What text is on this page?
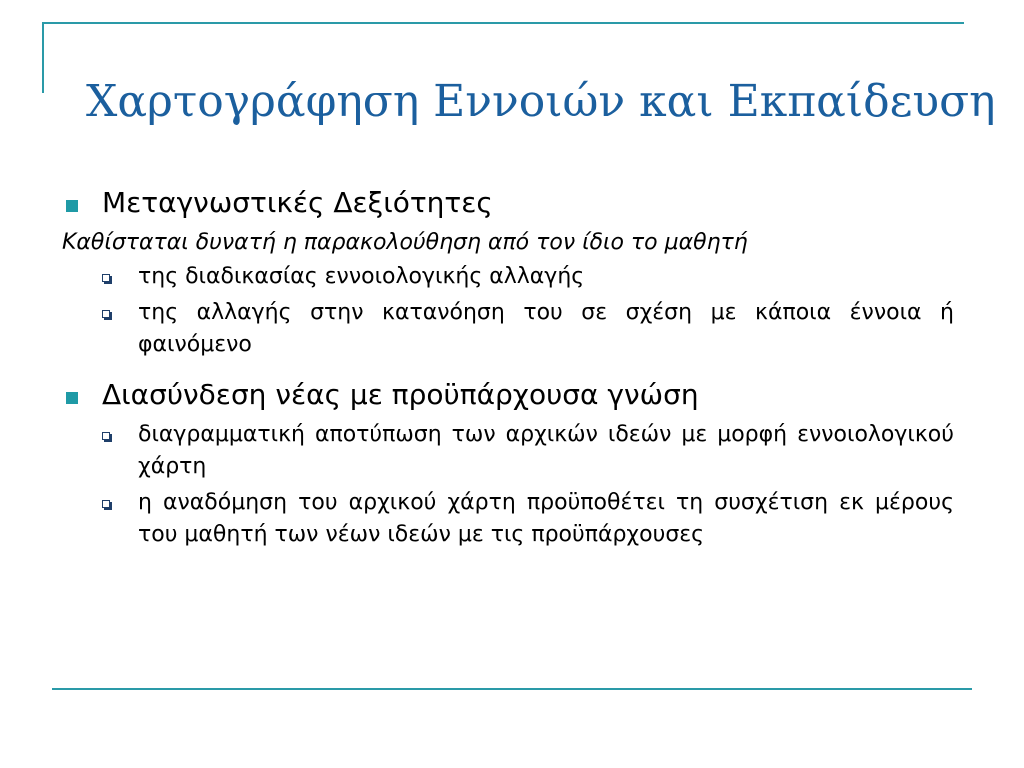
Χαρτογράφηση Εννοιών και Εκπαίδευση

Μεταγνωστικές Δεξιότητες

Καθίσταται δυνατή η παρακολούθηση από τον ίδιο το μαθητή

της διαδικασίας εννοιολογικής αλλαγής

της αλλαγής στην κατανόηση του σε σχέση με κάποια έννοια ή φαινόμενο

Διασύνδεση νέας με προϋπάρχουσα γνώση

διαγραμματική αποτύπωση των αρχικών ιδεών με μορφή εννοιολογικού χάρτη

η αναδόμηση του αρχικού χάρτη προϋποθέτει τη συσχέτιση εκ μέρους του μαθητή των νέων ιδεών με τις προϋπάρχουσες
